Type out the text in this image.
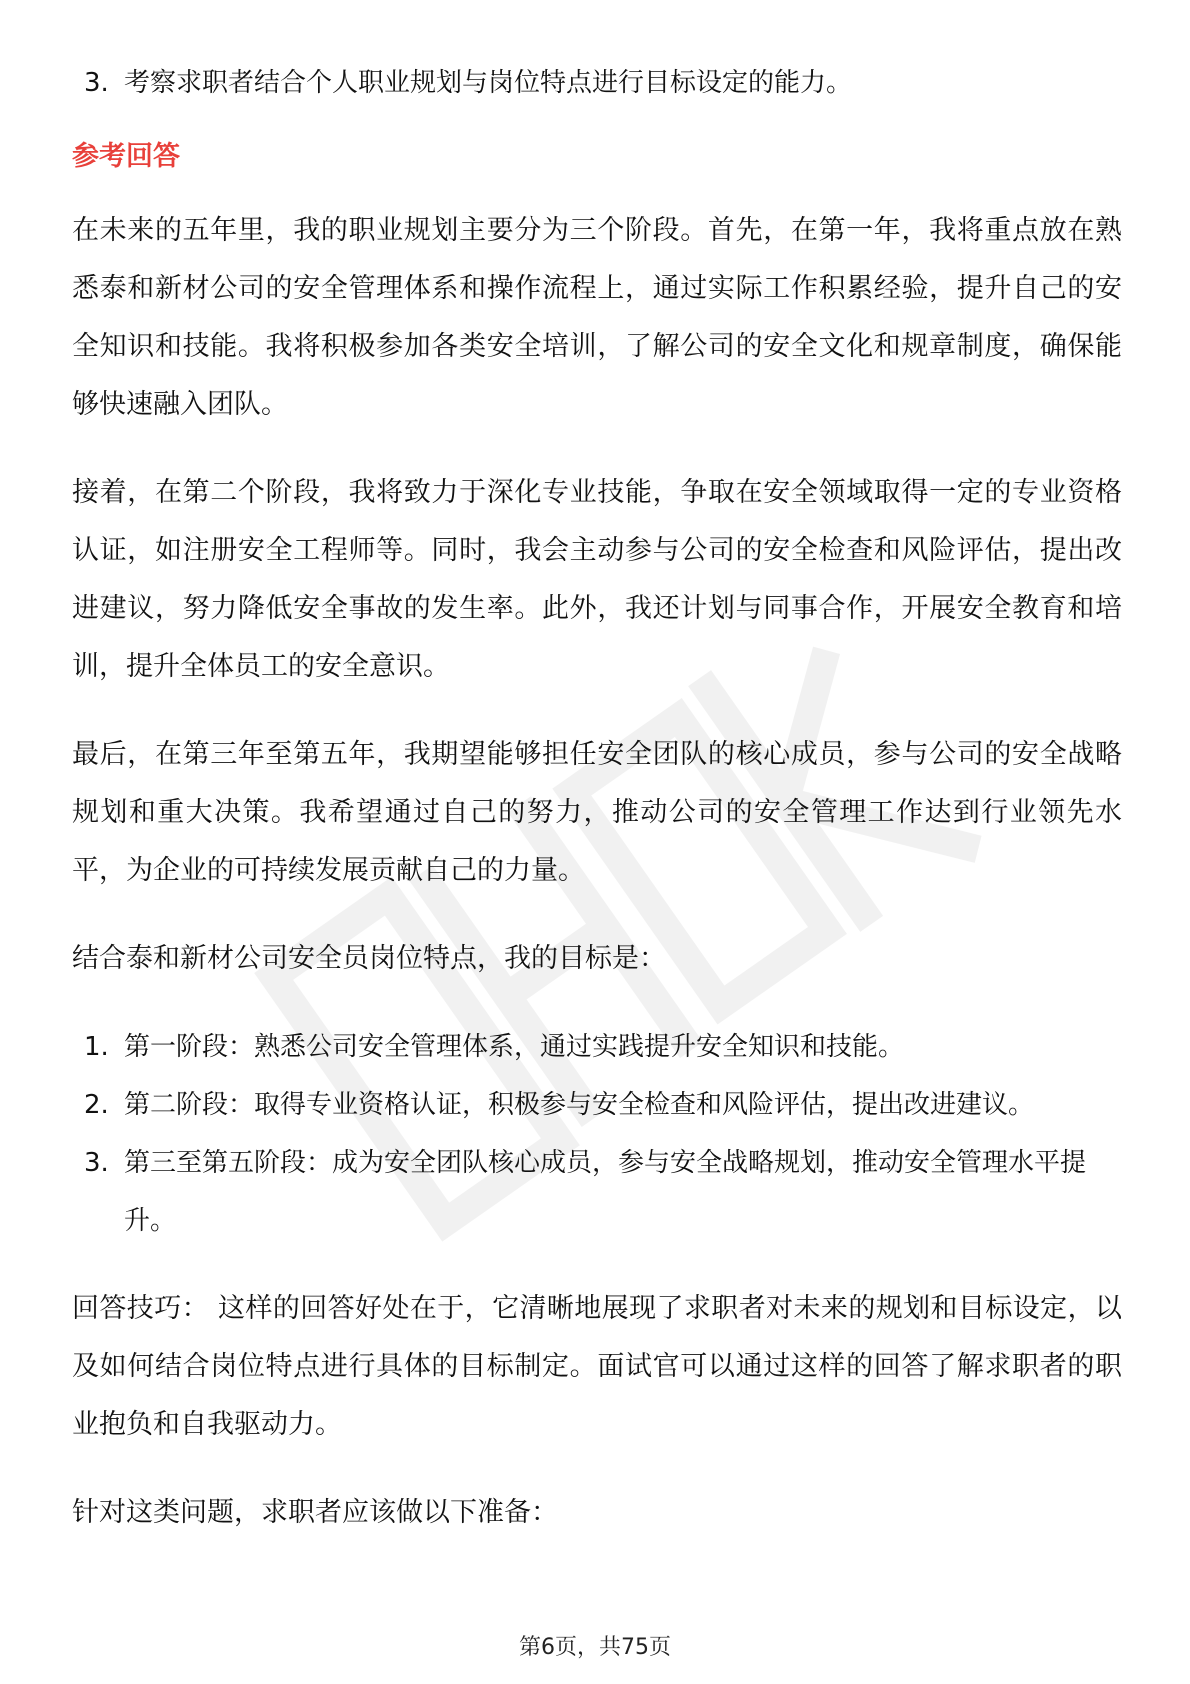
3. 考察求职者结合个人职业规划与岗位特点进行目标设定的能力。
参考回答

在未来的五年里，我的职业规划主要分为三个阶段。首先，在第一年，我将重点放在熟悉泰和新材公司的安全管理体系和操作流程上，通过实际工作积累经验，提升自己的安全知识和技能。我将积极参加各类安全培训，了解公司的安全文化和规章制度，确保能够快速融入团队。

接着，在第二个阶段，我将致力于深化专业技能，争取在安全领域取得一定的专业资格认证，如注册安全工程师等。同时，我会主动参与公司的安全检查和风险评估，提出改进建议，努力降低安全事故的发生率。此外，我还计划与同事合作，开展安全教育和培训，提升全体员工的安全意识。

最后，在第三年至第五年，我期望能够担任安全团队的核心成员，参与公司的安全战略规划和重大决策。我希望通过自己的努力，推动公司的安全管理工作达到行业领先水平，为企业的可持续发展贡献自己的力量。

结合泰和新材公司安全员岗位特点，我的目标是：

1. 第一阶段：熟悉公司安全管理体系，通过实践提升安全知识和技能。
2. 第二阶段：取得专业资格认证，积极参与安全检查和风险评估，提出改进建议。
3. 第三至第五阶段：成为安全团队核心成员，参与安全战略规划，推动安全管理水平提升。

回答技巧： 这样的回答好处在于，它清晰地展现了求职者对未来的规划和目标设定，以及如何结合岗位特点进行具体的目标制定。面试官可以通过这样的回答了解求职者的职业抱负和自我驱动力。

针对这类问题，求职者应该做以下准备：

第6页，共75页
